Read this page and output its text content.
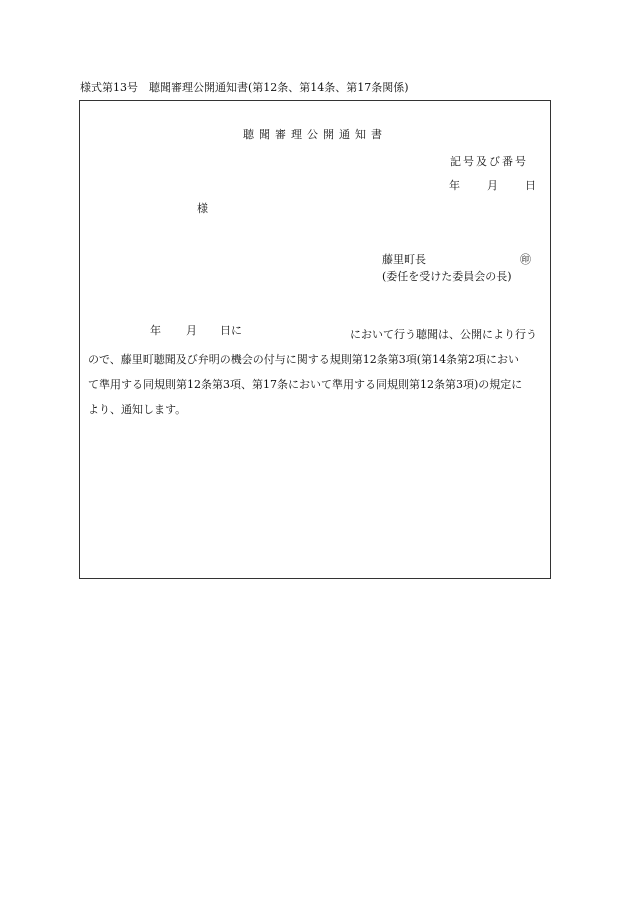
様式第13号　聴聞審理公開通知書(第12条、第14条、第17条関係)
聴聞審理公開通知書
記号及び番号
年 月 日
様
藤里町長	㊞
(委任を受けた委員会の長)
年 月 日に	において行う聴聞は、公開により行う
ので、藤里町聴聞及び弁明の機会の付与に関する規則第12条第3項(第14条第2項におい
て準用する同規則第12条第3項、第17条において準用する同規則第12条第3項)の規定に
より、通知します。
